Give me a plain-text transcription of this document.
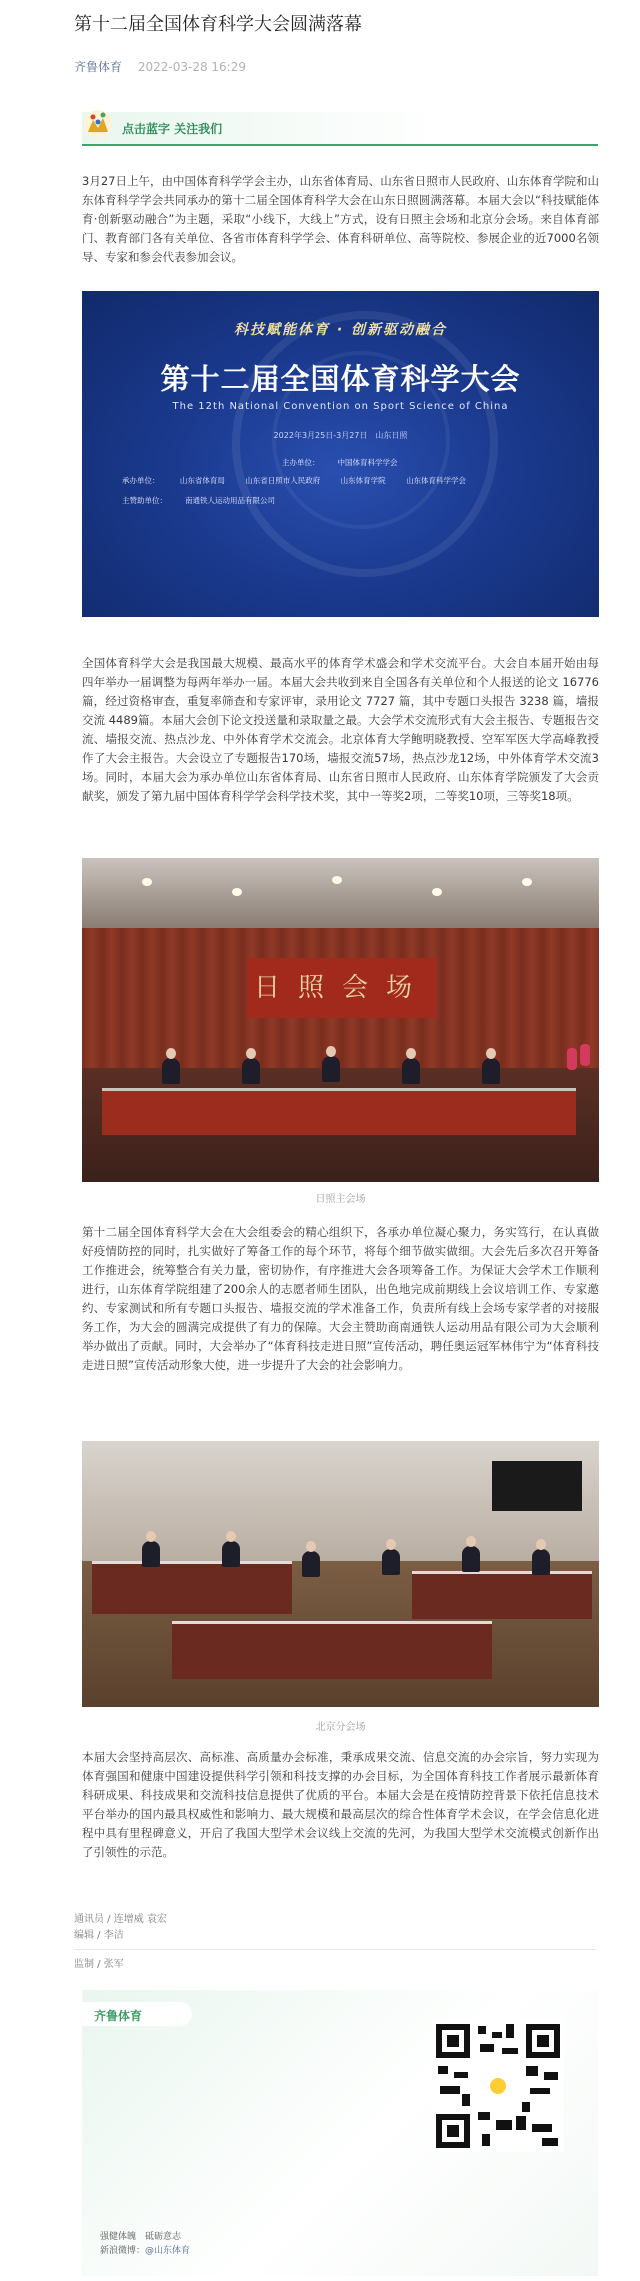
第十二届全国体育科学大会圆满落幕
齐鲁体育 2022-03-28 16:29
点击蓝字 关注我们

3月27日上午，由中国体育科学学会主办，山东省体育局、山东省日照市人民政府、山东体育学院和山东体育科学学会共同承办的第十二届全国体育科学大会在山东日照圆满落幕。本届大会以“科技赋能体育·创新驱动融合”为主题，采取“小线下，大线上”方式，设有日照主会场和北京分会场。来自体育部门、教育部门各有关单位、各省市体育科学学会、体育科研单位、高等院校、参展企业的近7000名领导、专家和参会代表参加会议。

科技赋能体育 · 创新驱动融合
第十二届全国体育科学大会
The 12th National Convention on Sport Science of China
2022年3月25日-3月27日　山东日照
主办单位： 中国体育科学学会
承办单位：	山东省体育局	山东省日照市人民政府	山东体育学院	山东体育科学学会
主赞助单位： 南通铁人运动用品有限公司

全国体育科学大会是我国最大规模、最高水平的体育学术盛会和学术交流平台。大会自本届开始由每四年举办一届调整为每两年举办一届。本届大会共收到来自全国各有关单位和个人报送的论文 16776 篇，经过资格审查，重复率筛查和专家评审，录用论文 7727 篇，其中专题口头报告 3238 篇，墙报交流 4489篇。本届大会创下论文投送量和录取量之最。大会学术交流形式有大会主报告、专题报告交流、墙报交流、热点沙龙、中外体育学术交流会。北京体育大学鲍明晓教授、空军军医大学高峰教授作了大会主报告。大会设立了专题报告170场，墙报交流57场，热点沙龙12场，中外体育学术交流3场。同时，本届大会为承办单位山东省体育局、山东省日照市人民政府、山东体育学院颁发了大会贡献奖，颁发了第九届中国体育科学学会科学技术奖，其中一等奖2项，二等奖10项，三等奖18项。

日照会场
日照主会场

第十二届全国体育科学大会在大会组委会的精心组织下，各承办单位凝心聚力，务实笃行，在认真做好疫情防控的同时，扎实做好了筹备工作的每个环节，将每个细节做实做细。大会先后多次召开筹备工作推进会，统筹整合有关力量，密切协作，有序推进大会各项筹备工作。为保证大会学术工作顺利进行，山东体育学院组建了200余人的志愿者师生团队，出色地完成前期线上会议培训工作、专家邀约、专家测试和所有专题口头报告、墙报交流的学术准备工作，负责所有线上会场专家学者的对接服务工作，为大会的圆满完成提供了有力的保障。大会主赞助商南通铁人运动用品有限公司为大会顺利举办做出了贡献。同时，大会举办了“体育科技走进日照”宣传活动，聘任奥运冠军林伟宁为“体育科技走进日照”宣传活动形象大使，进一步提升了大会的社会影响力。

北京分会场

本届大会坚持高层次、高标准、高质量办会标准，秉承成果交流、信息交流的办会宗旨，努力实现为体育强国和健康中国建设提供科学引领和科技支撑的办会目标，为全国体育科技工作者展示最新体育科研成果、科技成果和交流科技信息提供了优质的平台。本届大会是在疫情防控背景下依托信息技术平台举办的国内最具权威性和影响力、最大规模和最高层次的综合性体育学术会议，在学会信息化进程中具有里程碑意义，开启了我国大型学术会议线上交流的先河，为我国大型学术交流模式创新作出了引领性的示范。

通讯员 / 连增威 袁宏
编辑 / 李洁
监制 / 张军
齐鲁体育
强健体魄　砥砺意志
新浪微博：@山东体育
